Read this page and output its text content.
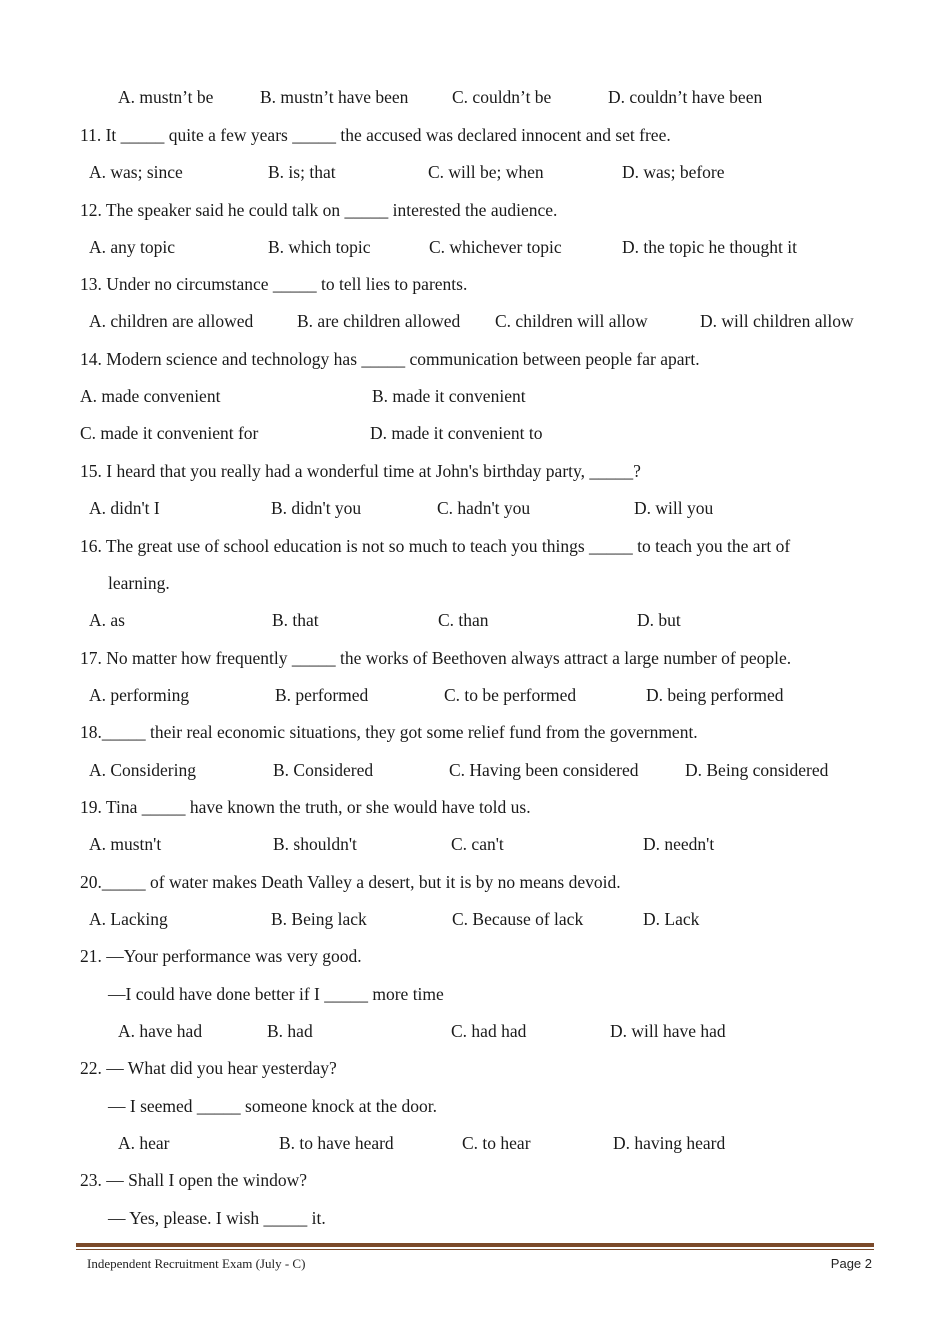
A. mustn’t be	B. mustn’t have been C. couldn’t be	D. couldn’t have been
11. It _____ quite a few years _____ the accused was declared innocent and set free.
A. was; since	B. is; that	C. will be; when	D. was; before
12. The speaker said he could talk on _____ interested the audience.
A. any topic	B. which topic	C. whichever topic	D. the topic he thought it
13. Under no circumstance _____ to tell lies to parents.
A. children are allowed	B. are children allowed C. children will allow	D. will children allow
14. Modern science and technology has _____ communication between people far apart.
A. made convenient	B. made it convenient
C. made it convenient for	D. made it convenient to
15. I heard that you really had a wonderful time at John's birthday party, _____?
A. didn't I	B. didn't you	C. hadn't you	D. will you
16. The great use of school education is not so much to teach you things _____ to teach you the art of
learning.
A. as	B. that	C. than	D. but
17. No matter how frequently _____ the works of Beethoven always attract a large number of people.
A. performing	B. performed	C. to be performed	D. being performed
18._____ their real economic situations, they got some relief fund from the government.
A. Considering	B. Considered	C. Having been considered	D. Being considered
19. Tina _____ have known the truth, or she would have told us.
A. mustn't	B. shouldn't	C. can't	D. needn't
20._____ of water makes Death Valley a desert, but it is by no means devoid.
A. Lacking	B. Being lack	C. Because of lack	D. Lack
21. —Your performance was very good.
—I could have done better if I _____ more time
A. have had	B. had	C. had had	D. will have had
22. — What did you hear yesterday?
— I seemed _____ someone knock at the door.
A. hear	B. to have heard	C. to hear	D. having heard
23. — Shall I open the window?
— Yes, please. I wish _____ it.
Independent Recruitment Exam (July - C)	Page 2
